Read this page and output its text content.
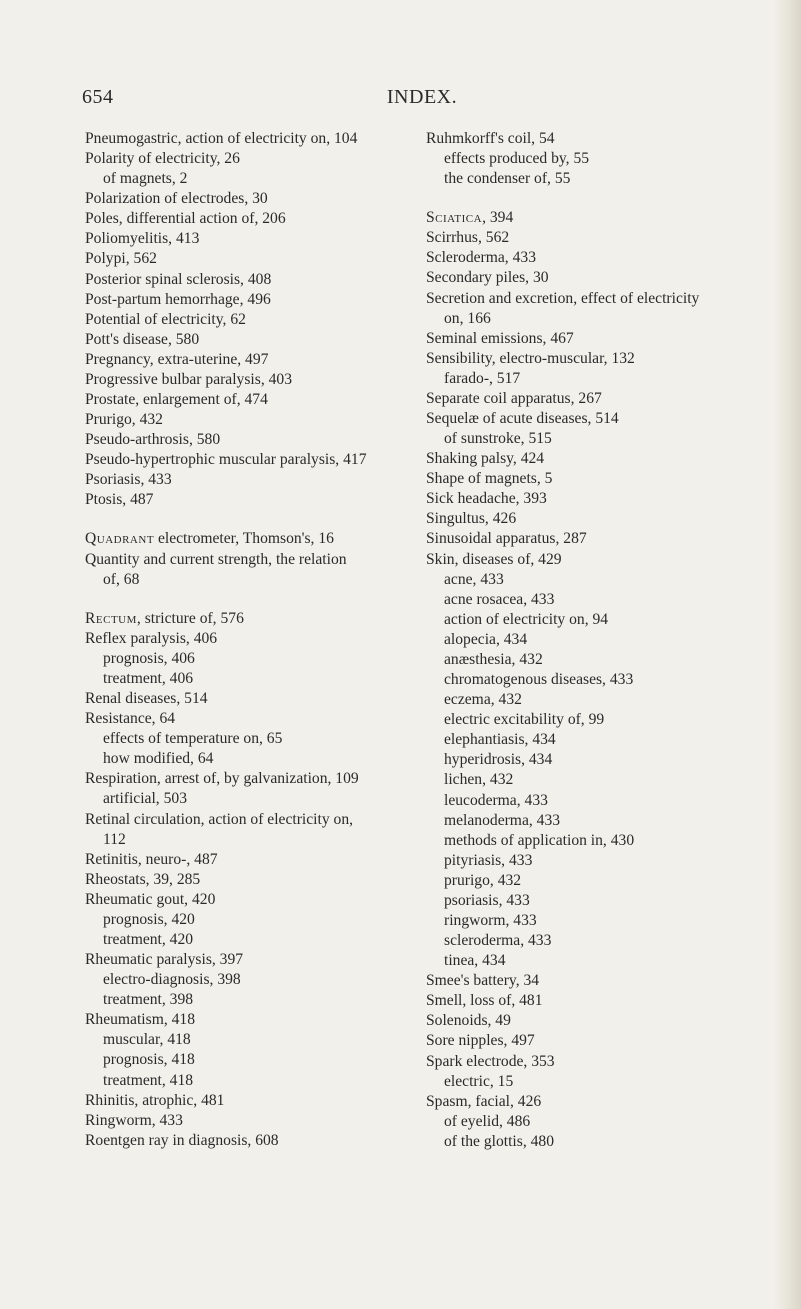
654	INDEX.
Pneumogastric, action of electricity on, 104
Polarity of electricity, 26
of magnets, 2
Polarization of electrodes, 30
Poles, differential action of, 206
Poliomyelitis, 413
Polypi, 562
Posterior spinal sclerosis, 408
Post-partum hemorrhage, 496
Potential of electricity, 62
Pott's disease, 580
Pregnancy, extra-uterine, 497
Progressive bulbar paralysis, 403
Prostate, enlargement of, 474
Prurigo, 432
Pseudo-arthrosis, 580
Pseudo-hypertrophic muscular paralysis, 417
Psoriasis, 433
Ptosis, 487
Quadrant electrometer, Thomson's, 16
Quantity and current strength, the relation
of, 68
Rectum, stricture of, 576
Reflex paralysis, 406
prognosis, 406
treatment, 406
Renal diseases, 514
Resistance, 64
effects of temperature on, 65
how modified, 64
Respiration, arrest of, by galvanization, 109
artificial, 503
Retinal circulation, action of electricity on,
112
Retinitis, neuro-, 487
Rheostats, 39, 285
Rheumatic gout, 420
prognosis, 420
treatment, 420
Rheumatic paralysis, 397
electro-diagnosis, 398
treatment, 398
Rheumatism, 418
muscular, 418
prognosis, 418
treatment, 418
Rhinitis, atrophic, 481
Ringworm, 433
Roentgen ray in diagnosis, 608
Ruhmkorff's coil, 54
effects produced by, 55
the condenser of, 55
Sciatica, 394
Scirrhus, 562
Scleroderma, 433
Secondary piles, 30
Secretion and excretion, effect of electricity
on, 166
Seminal emissions, 467
Sensibility, electro-muscular, 132
farado-, 517
Separate coil apparatus, 267
Sequelæ of acute diseases, 514
of sunstroke, 515
Shaking palsy, 424
Shape of magnets, 5
Sick headache, 393
Singultus, 426
Sinusoidal apparatus, 287
Skin, diseases of, 429
acne, 433
acne rosacea, 433
action of electricity on, 94
alopecia, 434
anæsthesia, 432
chromatogenous diseases, 433
eczema, 432
electric excitability of, 99
elephantiasis, 434
hyperidrosis, 434
lichen, 432
leucoderma, 433
melanoderma, 433
methods of application in, 430
pityriasis, 433
prurigo, 432
psoriasis, 433
ringworm, 433
scleroderma, 433
tinea, 434
Smee's battery, 34
Smell, loss of, 481
Solenoids, 49
Sore nipples, 497
Spark electrode, 353
electric, 15
Spasm, facial, 426
of eyelid, 486
of the glottis, 480
